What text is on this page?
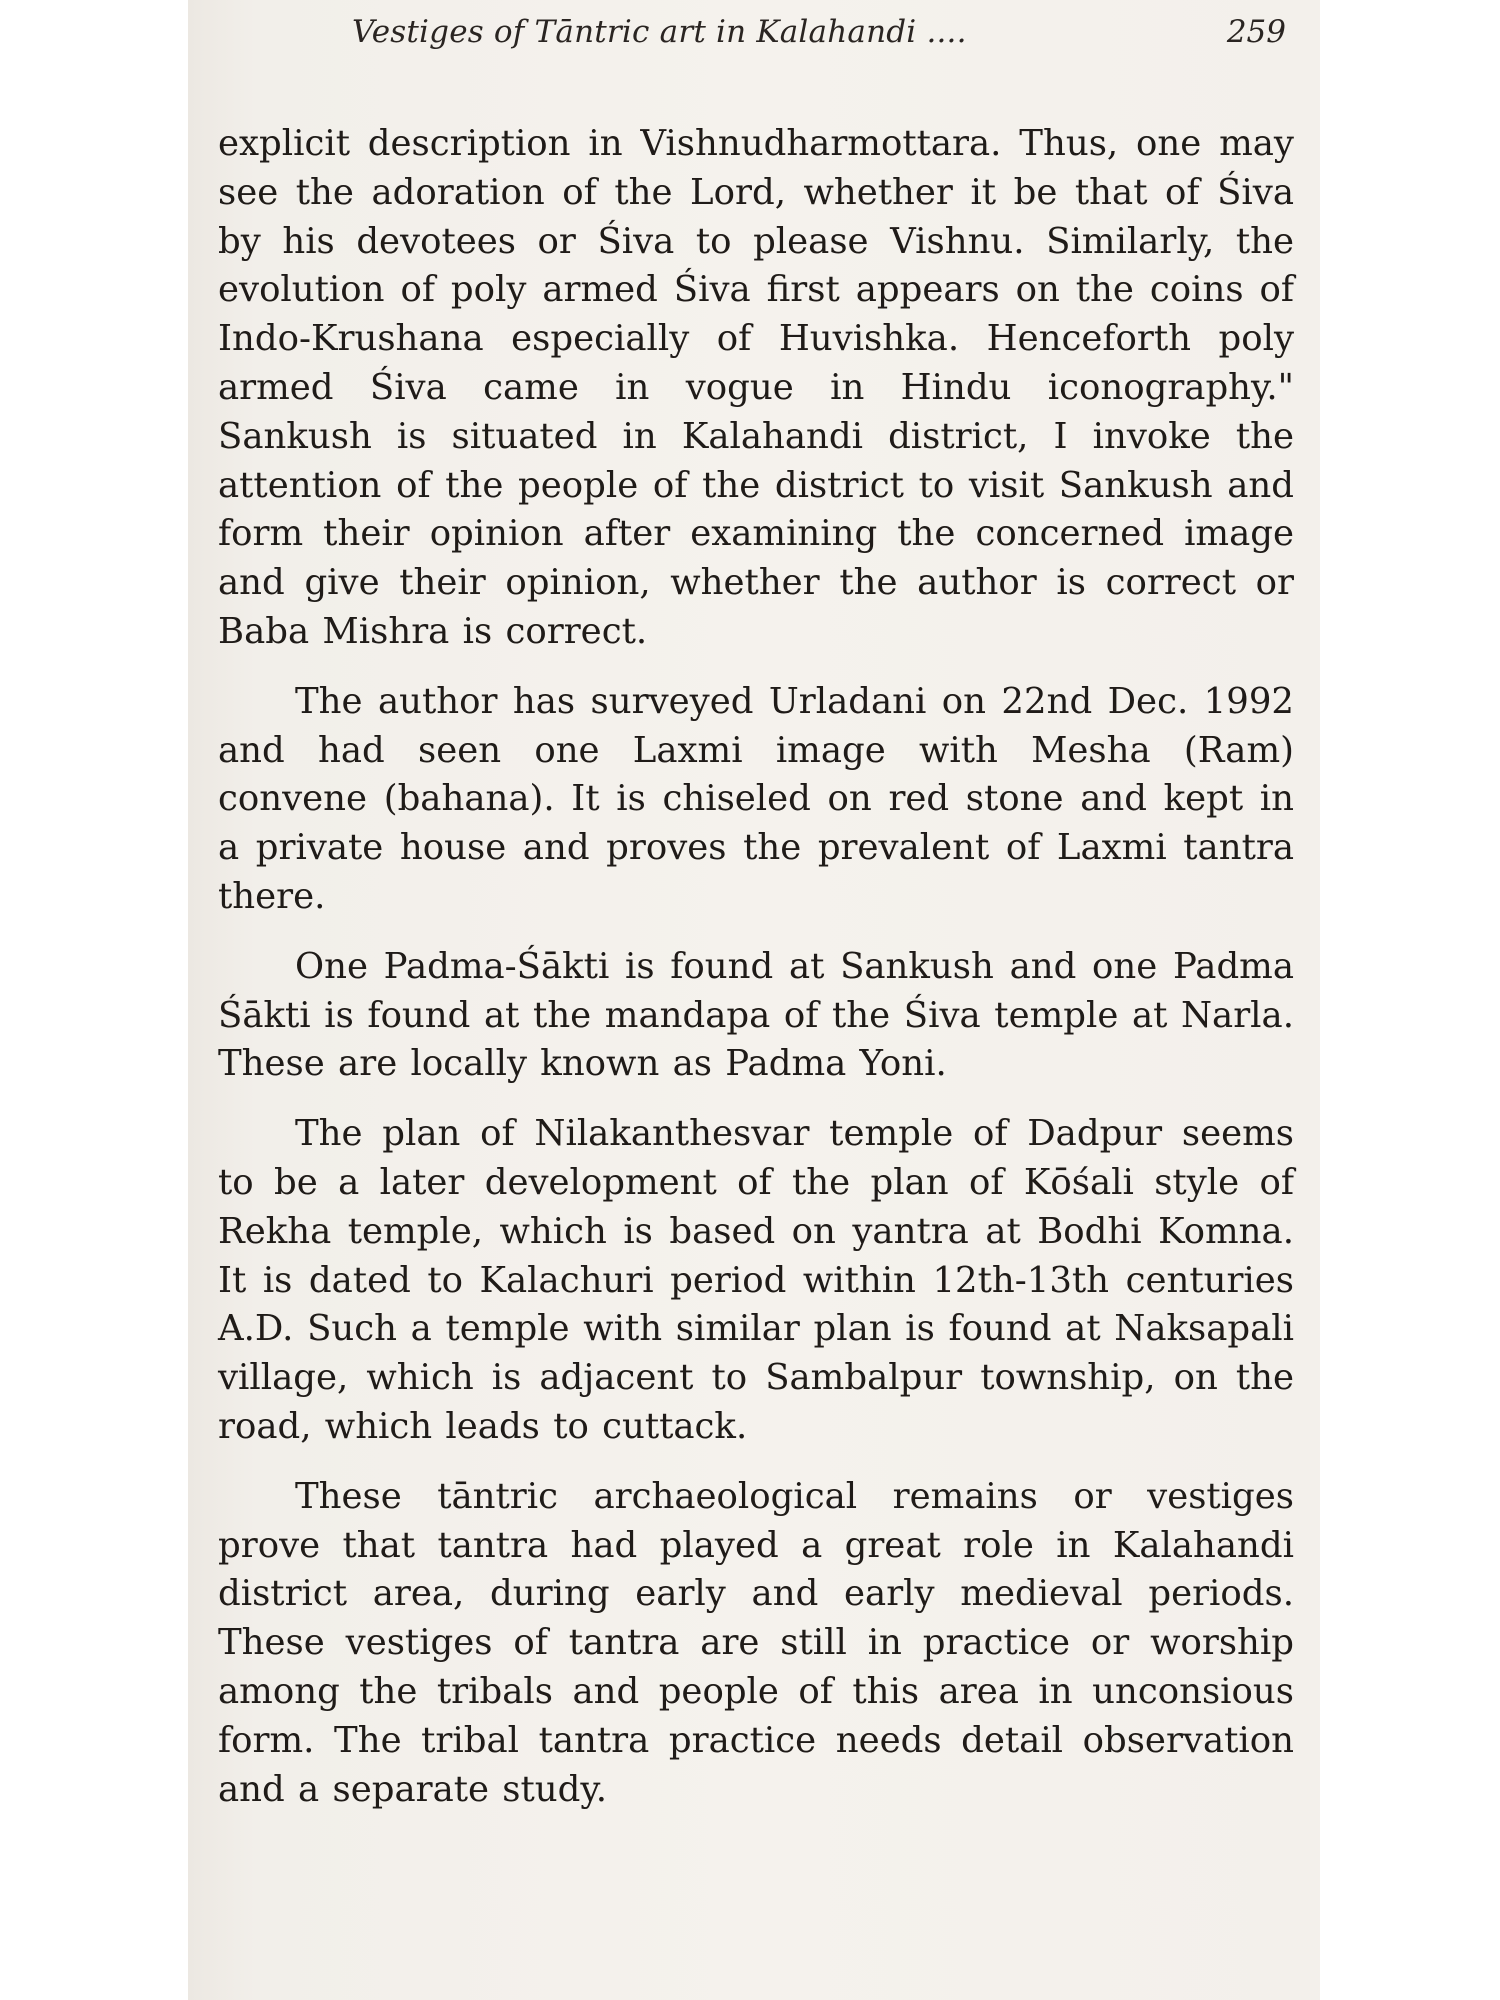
Vestiges of Tāntric art in Kalahandi ....	259

explicit description in Vishnudharmottara. Thus, one may see the adoration of the Lord, whether it be that of Śiva by his devotees or Śiva to please Vishnu. Similarly, the evolution of poly armed Śiva first appears on the coins of Indo-Krushana especially of Huvishka. Henceforth poly armed Śiva came in vogue in Hindu iconography." Sankush is situated in Kalahandi district, I invoke the attention of the people of the district to visit Sankush and form their opinion after examining the concerned image and give their opinion, whether the author is correct or Baba Mishra is correct.

The author has surveyed Urladani on 22nd Dec. 1992 and had seen one Laxmi image with Mesha (Ram) convene (bahana). It is chiseled on red stone and kept in a private house and proves the prevalent of Laxmi tantra there.

One Padma-Śākti is found at Sankush and one Padma Śākti is found at the mandapa of the Śiva temple at Narla. These are locally known as Padma Yoni.

The plan of Nilakanthesvar temple of Dadpur seems to be a later development of the plan of Kōśali style of Rekha temple, which is based on yantra at Bodhi Komna. It is dated to Kalachuri period within 12th-13th centuries A.D. Such a temple with similar plan is found at Naksapali village, which is adjacent to Sambalpur township, on the road, which leads to cuttack.

These tāntric archaeological remains or vestiges prove that tantra had played a great role in Kalahandi district area, during early and early medieval periods. These vestiges of tantra are still in practice or worship among the tribals and people of this area in unconsious form. The tribal tantra practice needs detail observation and a separate study.
